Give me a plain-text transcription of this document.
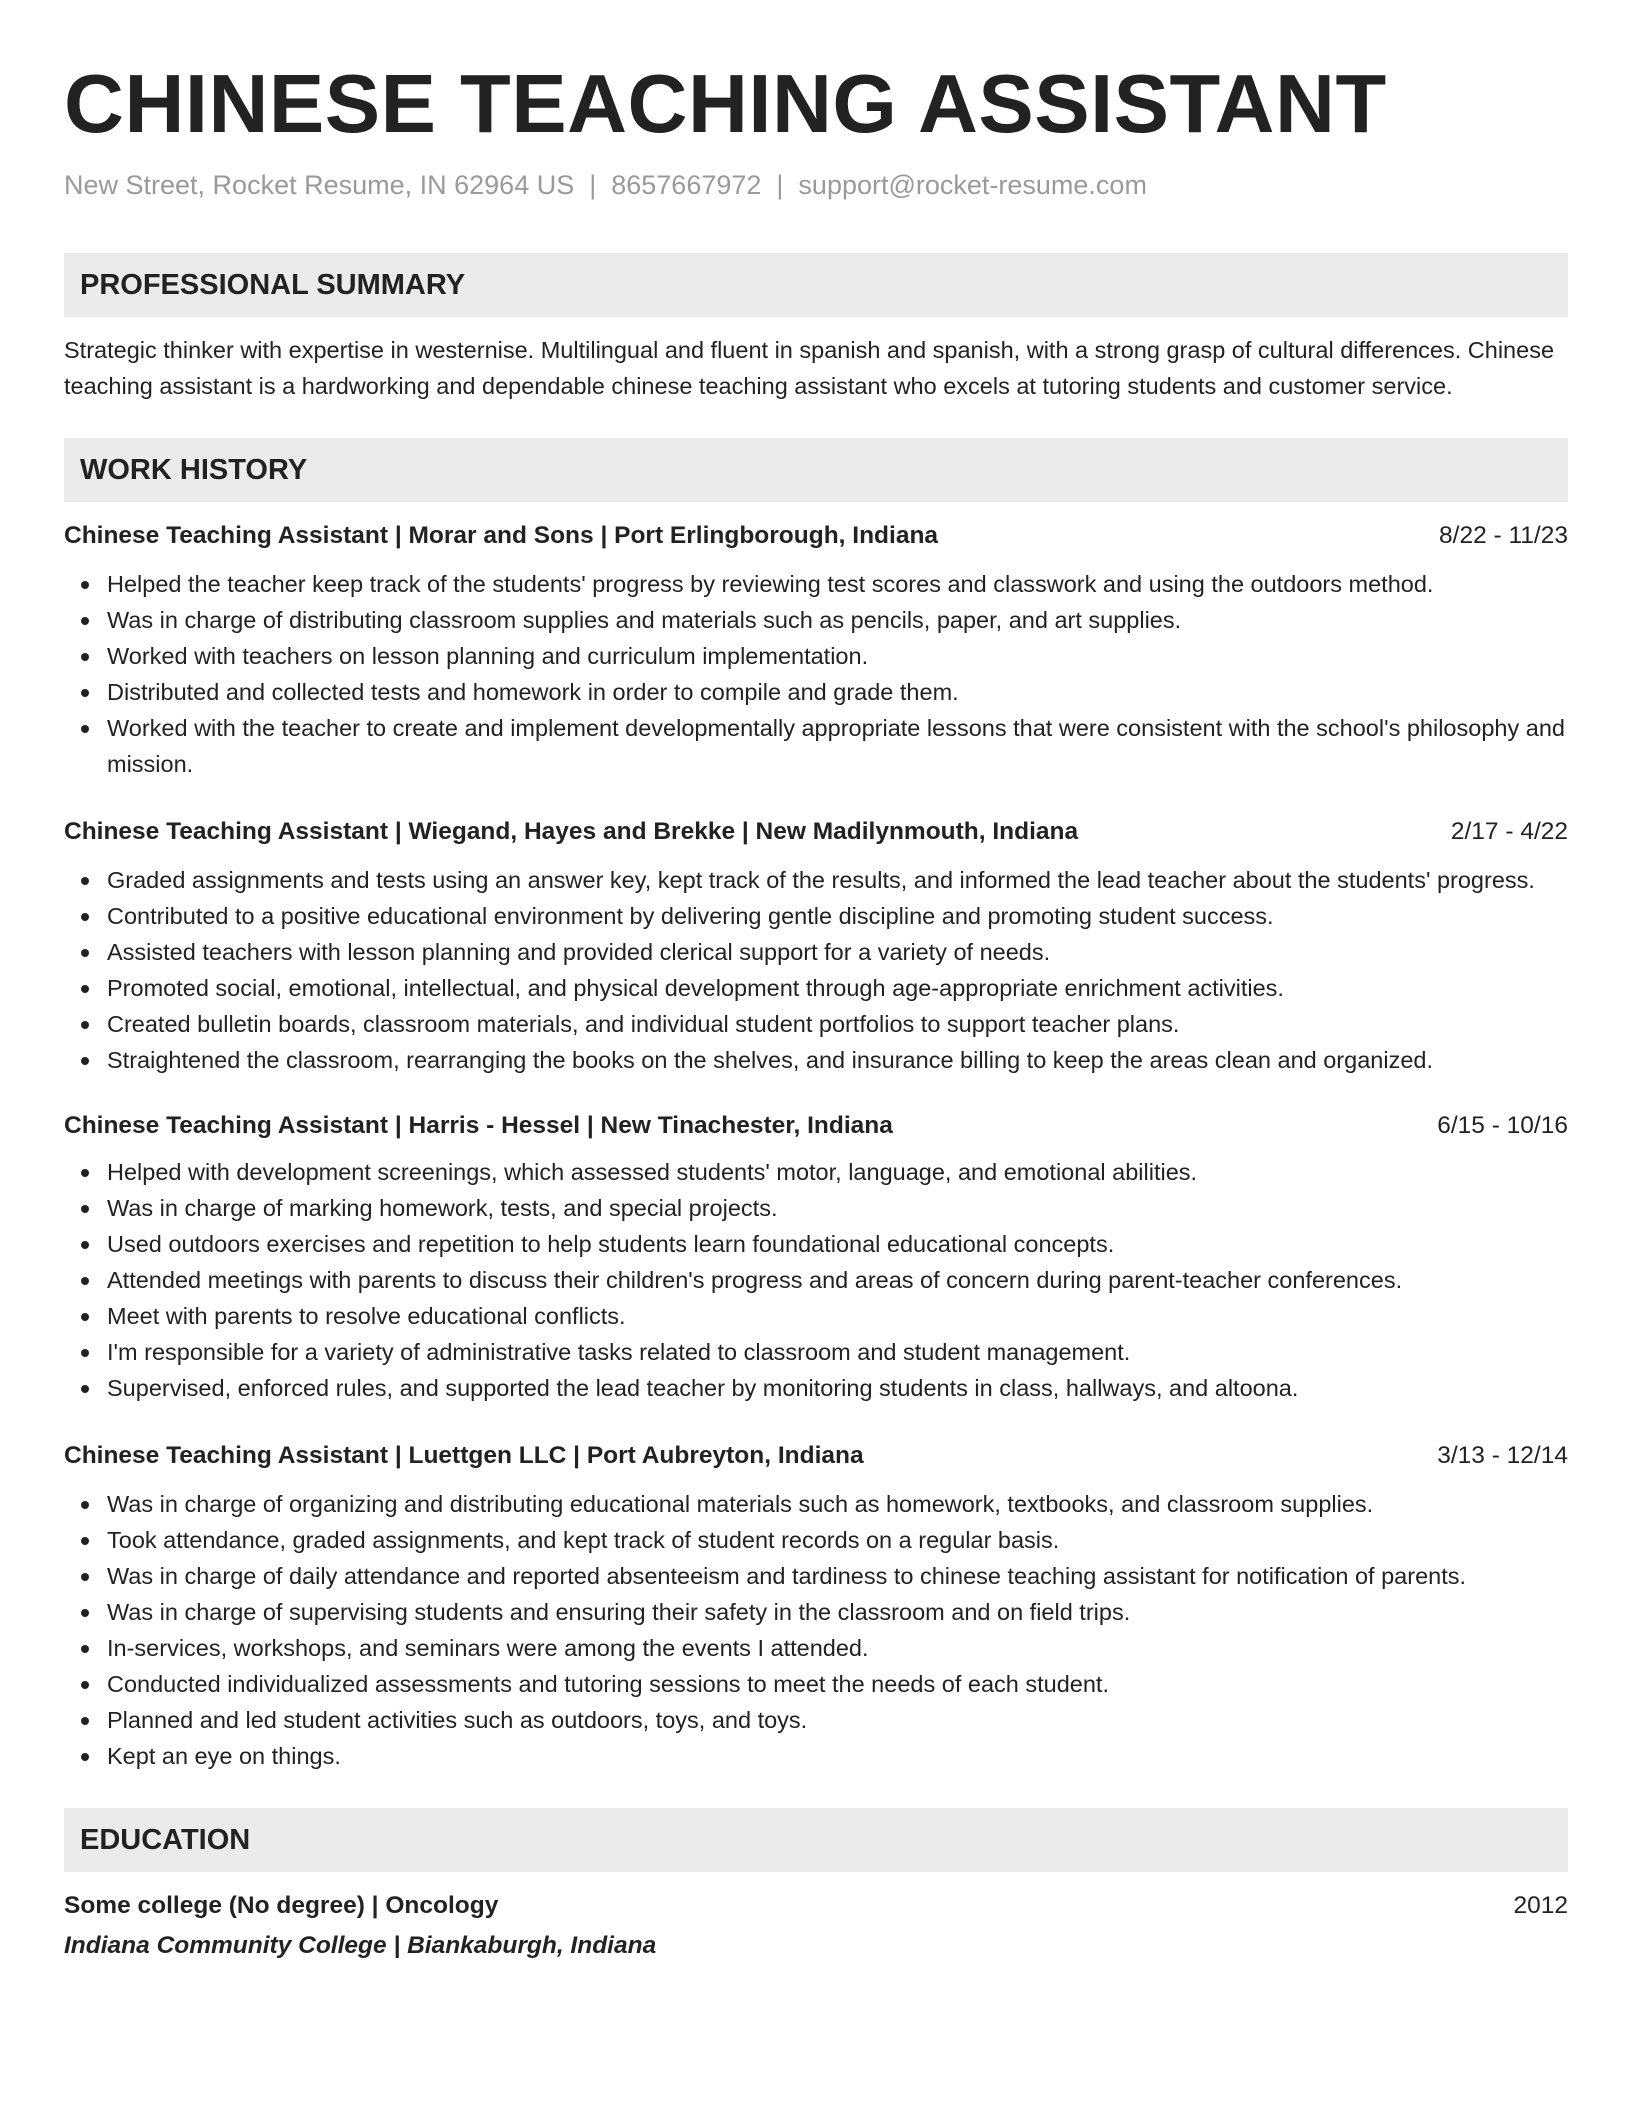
CHINESE TEACHING ASSISTANT
New Street, Rocket Resume, IN 62964 US | 8657667972 | support@rocket-resume.com
PROFESSIONAL SUMMARY

Strategic thinker with expertise in westernise. Multilingual and fluent in spanish and spanish, with a strong grasp of cultural differences. Chinese teaching assistant is a hardworking and dependable chinese teaching assistant who excels at tutoring students and customer service.

WORK HISTORY
Chinese Teaching Assistant | Morar and Sons | Port Erlingborough, Indiana	8/22 - 11/23
Helped the teacher keep track of the students' progress by reviewing test scores and classwork and using the outdoors method.
Was in charge of distributing classroom supplies and materials such as pencils, paper, and art supplies.
Worked with teachers on lesson planning and curriculum implementation.
Distributed and collected tests and homework in order to compile and grade them.
Worked with the teacher to create and implement developmentally appropriate lessons that were consistent with the school's philosophy and mission.
Chinese Teaching Assistant | Wiegand, Hayes and Brekke | New Madilynmouth, Indiana	2/17 - 4/22
Graded assignments and tests using an answer key, kept track of the results, and informed the lead teacher about the students' progress.
Contributed to a positive educational environment by delivering gentle discipline and promoting student success.
Assisted teachers with lesson planning and provided clerical support for a variety of needs.
Promoted social, emotional, intellectual, and physical development through age-appropriate enrichment activities.
Created bulletin boards, classroom materials, and individual student portfolios to support teacher plans.
Straightened the classroom, rearranging the books on the shelves, and insurance billing to keep the areas clean and organized.
Chinese Teaching Assistant | Harris - Hessel | New Tinachester, Indiana	6/15 - 10/16
Helped with development screenings, which assessed students' motor, language, and emotional abilities.
Was in charge of marking homework, tests, and special projects.
Used outdoors exercises and repetition to help students learn foundational educational concepts.
Attended meetings with parents to discuss their children's progress and areas of concern during parent-teacher conferences.
Meet with parents to resolve educational conflicts.
I'm responsible for a variety of administrative tasks related to classroom and student management.
Supervised, enforced rules, and supported the lead teacher by monitoring students in class, hallways, and altoona.
Chinese Teaching Assistant | Luettgen LLC | Port Aubreyton, Indiana	3/13 - 12/14
Was in charge of organizing and distributing educational materials such as homework, textbooks, and classroom supplies.
Took attendance, graded assignments, and kept track of student records on a regular basis.
Was in charge of daily attendance and reported absenteeism and tardiness to chinese teaching assistant for notification of parents.
Was in charge of supervising students and ensuring their safety in the classroom and on field trips.
In-services, workshops, and seminars were among the events I attended.
Conducted individualized assessments and tutoring sessions to meet the needs of each student.
Planned and led student activities such as outdoors, toys, and toys.
Kept an eye on things.
EDUCATION
Some college (No degree) | Oncology	2012
Indiana Community College | Biankaburgh, Indiana
